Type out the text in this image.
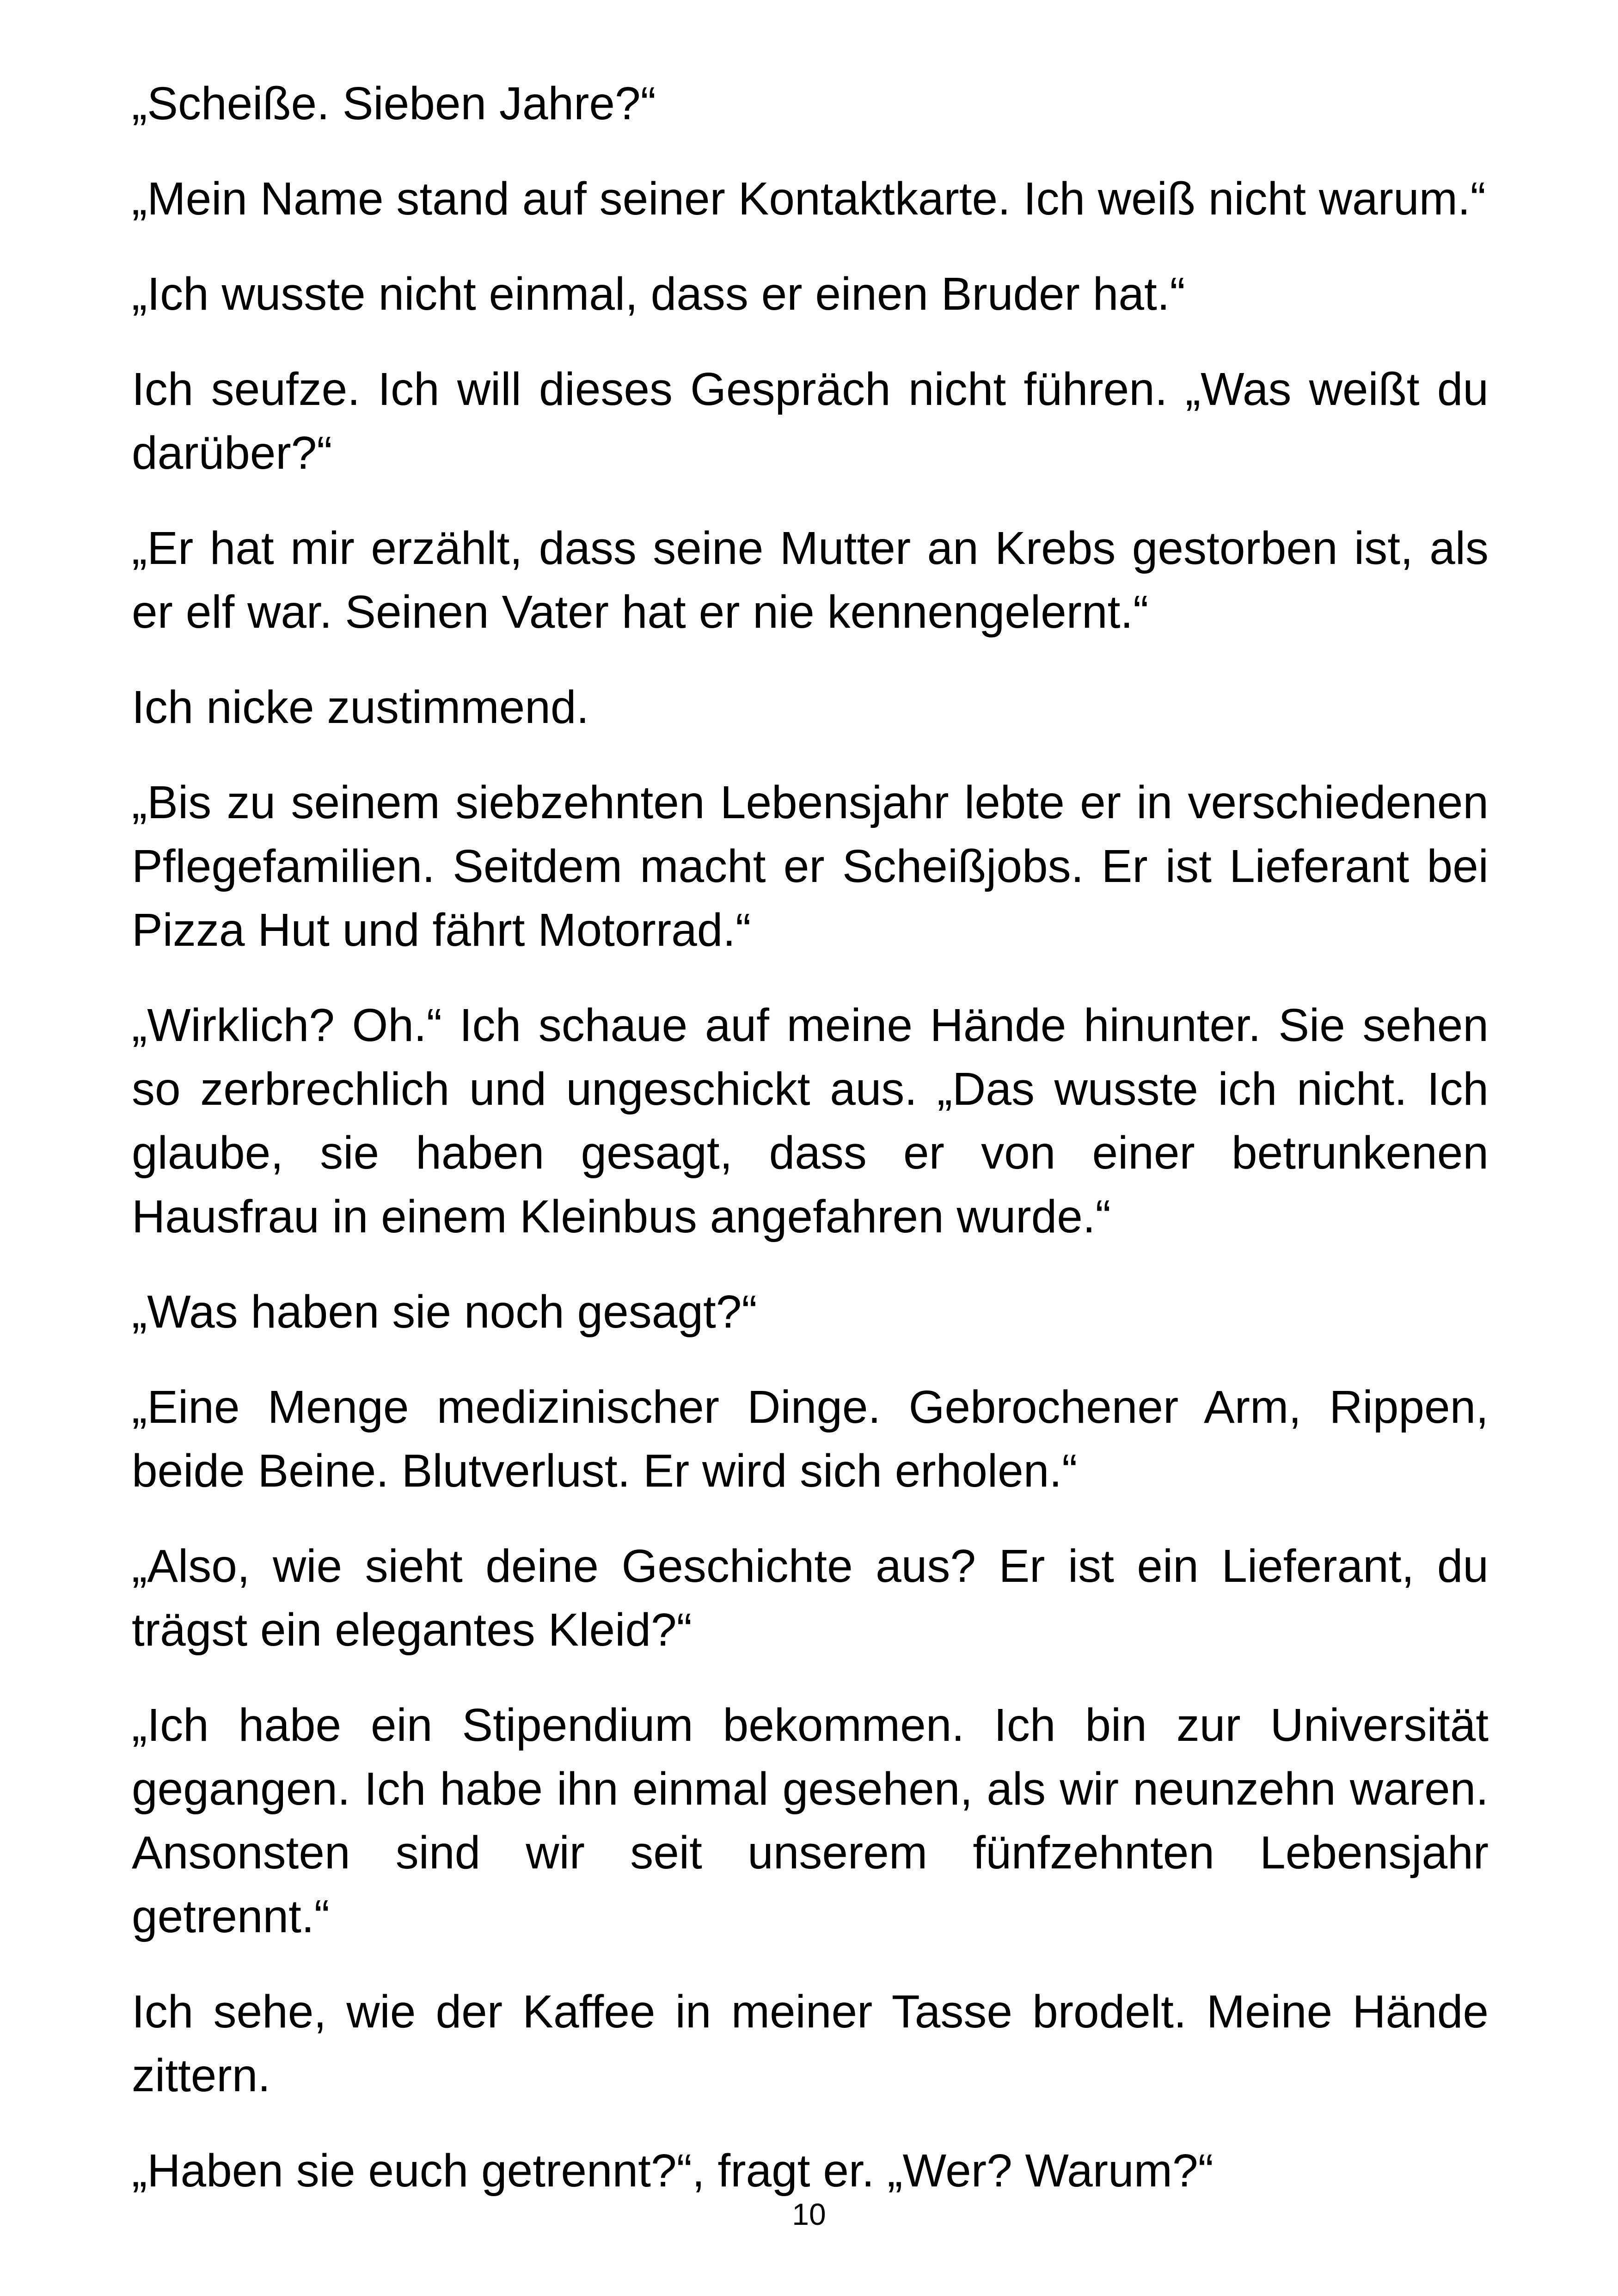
„Scheiße. Sieben Jahre?“

„Mein Name stand auf seiner Kontaktkarte. Ich weiß nicht warum.“

„Ich wusste nicht einmal, dass er einen Bruder hat.“

Ich seufze. Ich will dieses Gespräch nicht führen. „Was weißt du darüber?“

„Er hat mir erzählt, dass seine Mutter an Krebs gestorben ist, als er elf war. Seinen Vater hat er nie kennengelernt.“

Ich nicke zustimmend.

„Bis zu seinem siebzehnten Lebensjahr lebte er in verschiedenen Pflegefamilien. Seitdem macht er Scheißjobs. Er ist Lieferant bei Pizza Hut und fährt Motorrad.“

„Wirklich? Oh.“ Ich schaue auf meine Hände hinunter. Sie sehen so zerbrechlich und ungeschickt aus. „Das wusste ich nicht. Ich glaube, sie haben gesagt, dass er von einer betrunkenen Hausfrau in einem Kleinbus angefahren wurde.“

„Was haben sie noch gesagt?“

„Eine Menge medizinischer Dinge. Gebrochener Arm, Rippen, beide Beine. Blutverlust. Er wird sich erholen.“

„Also, wie sieht deine Geschichte aus? Er ist ein Lieferant, du trägst ein elegantes Kleid?“

„Ich habe ein Stipendium bekommen. Ich bin zur Universität gegangen. Ich habe ihn einmal gesehen, als wir neunzehn waren. Ansonsten sind wir seit unserem fünfzehnten Lebensjahr getrennt.“

Ich sehe, wie der Kaffee in meiner Tasse brodelt. Meine Hände zittern.

„Haben sie euch getrennt?“, fragt er. „Wer? Warum?“

10
